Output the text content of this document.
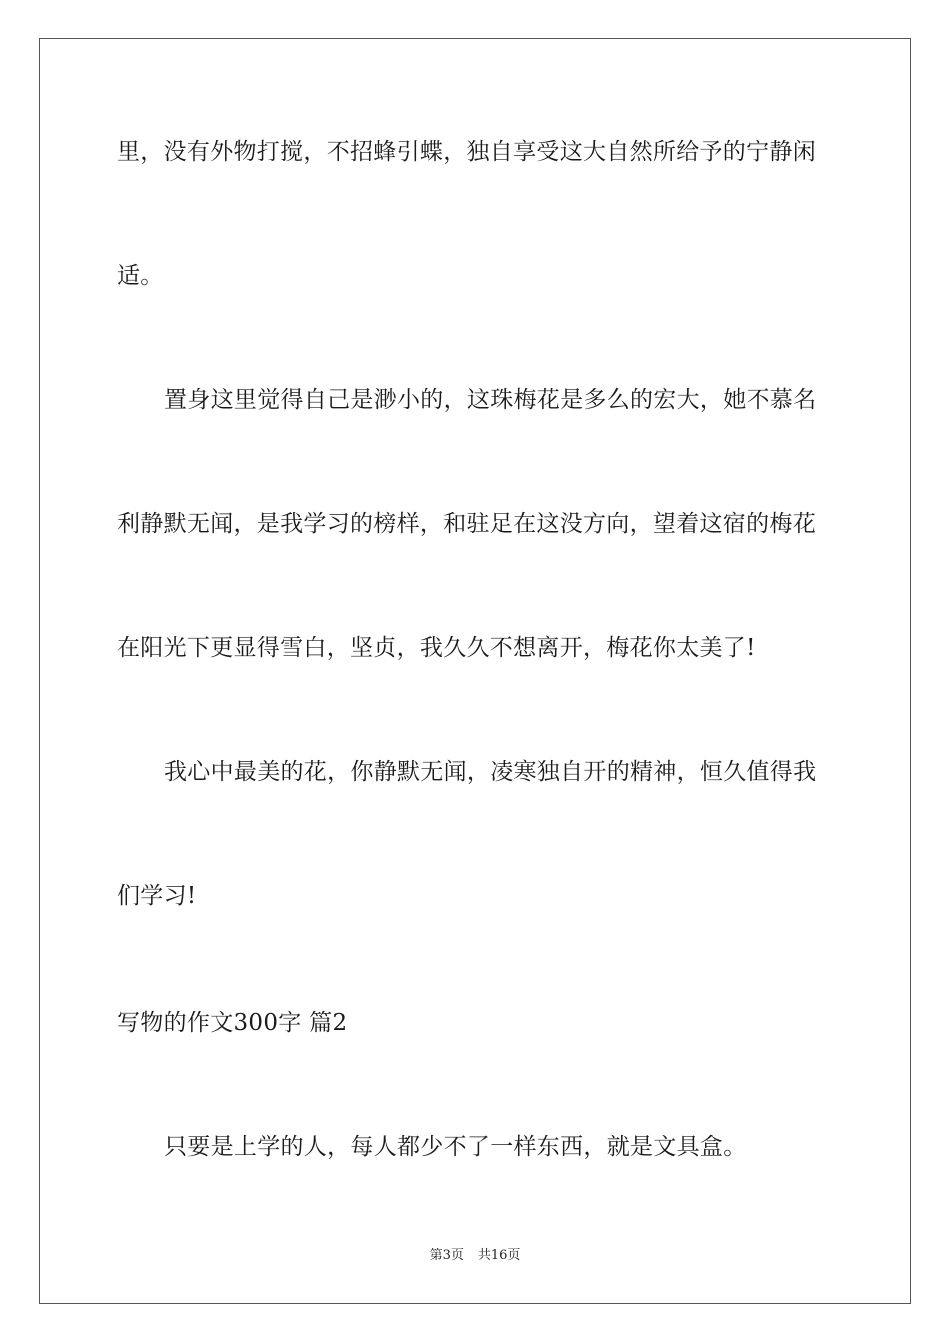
里，没有外物打搅，不招蜂引蝶，独自享受这大自然所给予的宁静闲
适。
置身这里觉得自己是渺小的，这珠梅花是多么的宏大，她不慕名
利静默无闻，是我学习的榜样，和驻足在这没方向，望着这宿的梅花
在阳光下更显得雪白，坚贞，我久久不想离开，梅花你太美了!
我心中最美的花，你静默无闻，凌寒独自开的精神，恒久值得我
们学习!
写物的作文300字 篇2
只要是上学的人，每人都少不了一样东西，就是文具盒。
第3页 共16页
